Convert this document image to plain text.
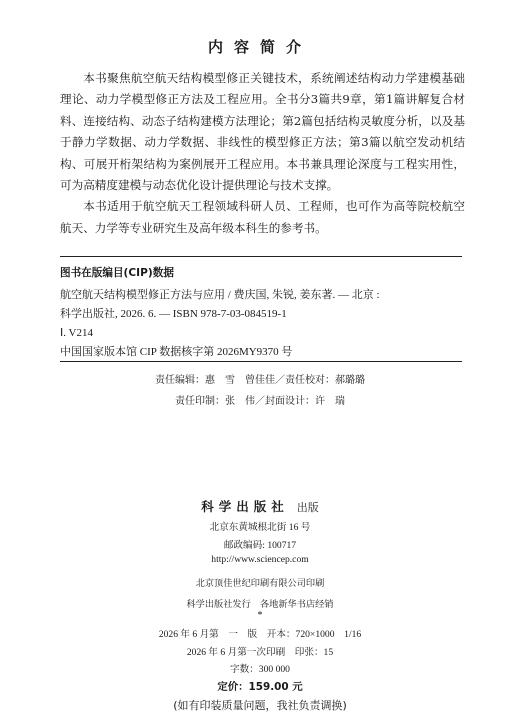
内容简介

本书聚焦航空航天结构模型修正关键技术，系统阐述结构动力学建模基础理论、动力学模型修正方法及工程应用。全书分3篇共9章，第1篇讲解复合材料、连接结构、动态子结构建模方法理论；第2篇包括结构灵敏度分析，以及基于静力学数据、动力学数据、非线性的模型修正方法；第3篇以航空发动机结构、可展开桁架结构为案例展开工程应用。本书兼具理论深度与工程实用性，可为高精度建模与动态优化设计提供理论与技术支撑。

本书适用于航空航天工程领域科研人员、工程师，也可作为高等院校航空航天、力学等专业研究生及高年级本科生的参考书。

图书在版编目(CIP)数据
航空航天结构模型修正方法与应用 / 费庆国, 朱锐, 姜东著. — 北京 :
科学出版社, 2026. 6. — ISBN 978-7-03-084519-1
Ⅰ. V214
中国国家版本馆 CIP 数据核字第 2026MY9370 号
责任编辑：惠　雪　曾佳佳／责任校对：郝璐璐
责任印制：张　伟／封面设计：许　瑞
科学出版社 出版
北京东黄城根北街 16 号
邮政编码: 100717
http://www.sciencep.com
北京顶佳世纪印刷有限公司印刷
科学出版社发行　各地新华书店经销
*
2026 年 6 月第　一　版　开本：720×1000　1/16
2026 年 6 月第一次印刷　印张：15
字数：300 000
定价：159.00 元
(如有印装质量问题，我社负责调换)
